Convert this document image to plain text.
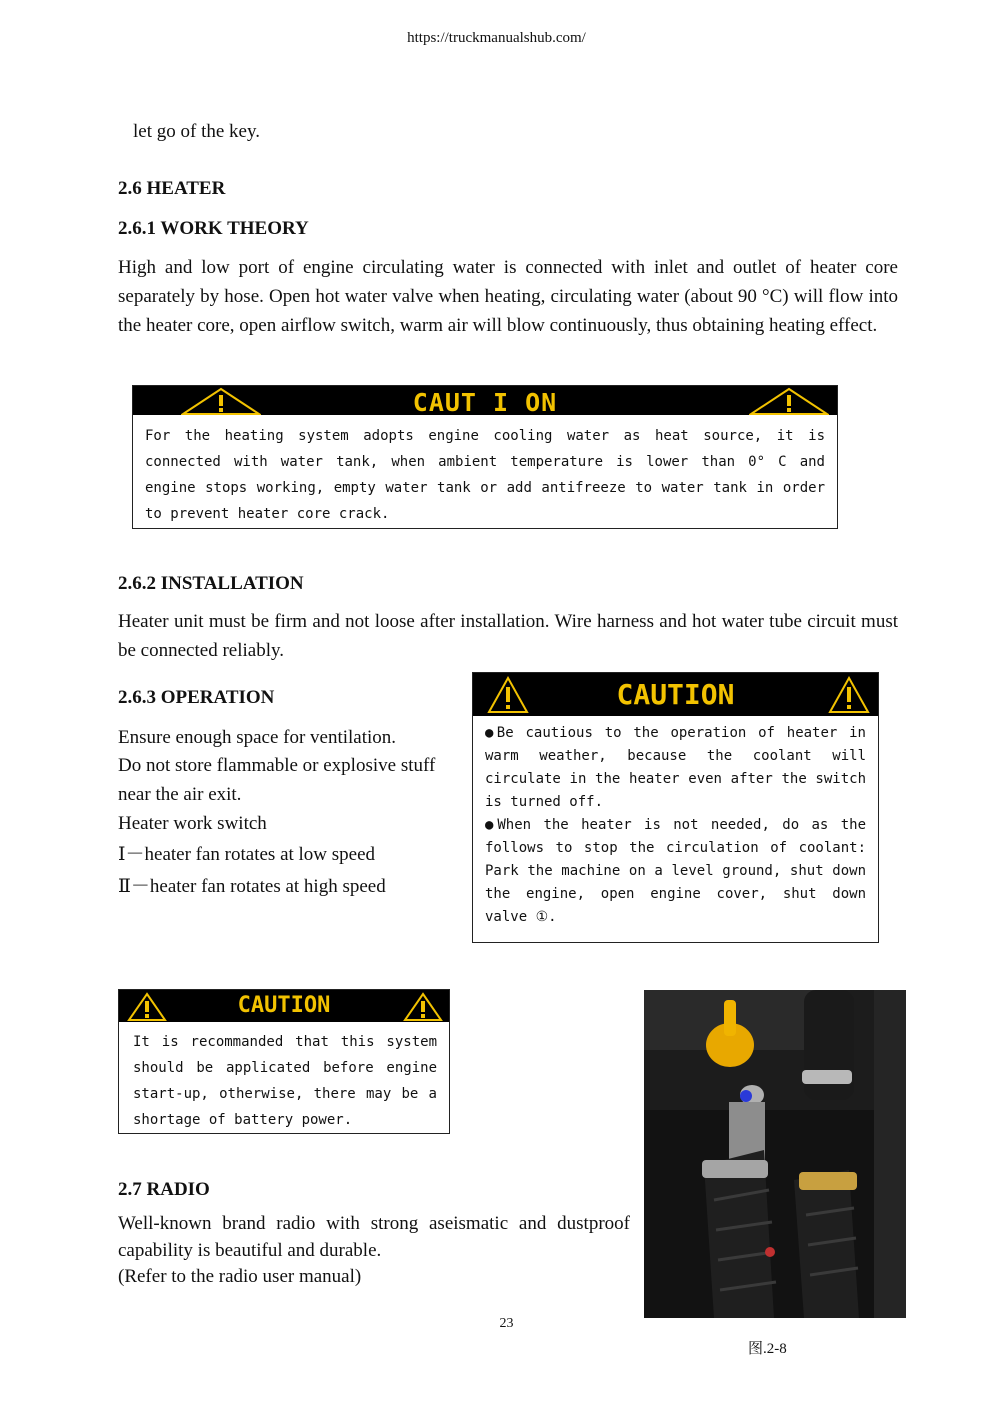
https://truckmanualshub.com/
let go of the key.
2.6 HEATER
2.6.1 WORK THEORY
High and low port of engine circulating water is connected with inlet and outlet of heater core separately by hose. Open hot water valve when heating, circulating water (about 90 °C) will flow into the heater core, open airflow switch, warm air will blow continuously, thus obtaining heating effect.
CAUT I ON
For the heating system adopts engine cooling water as heat source, it is connected with water tank, when ambient temperature is lower than 0° C and engine stops working, empty water tank or add antifreeze to water tank in order to prevent heater core crack.
2.6.2 INSTALLATION
Heater unit must be firm and not loose after installation. Wire harness and hot water tube circuit must be connected reliably.
2.6.3 OPERATION
Ensure enough space for ventilation.
Do not store flammable or explosive stuff
near the air exit.
Heater work switch
Ⅰ－heater fan rotates at low speed
Ⅱ－heater fan rotates at high speed
CAUTION
●Be cautious to the operation of heater in warm weather, because the coolant will circulate in the heater even after the switch is turned off.
●When the heater is not needed, do as the follows to stop the circulation of coolant: Park the machine on a level ground, shut down the engine, open engine cover, shut down valve ①.
CAUTION
It is recommanded that this system should be applicated before engine start-up, otherwise, there may be a shortage of battery power.
2.7 RADIO
Well-known brand radio with strong aseismatic and dustproof capability is beautiful and durable.
(Refer to the radio user manual)
图.2-8
23
